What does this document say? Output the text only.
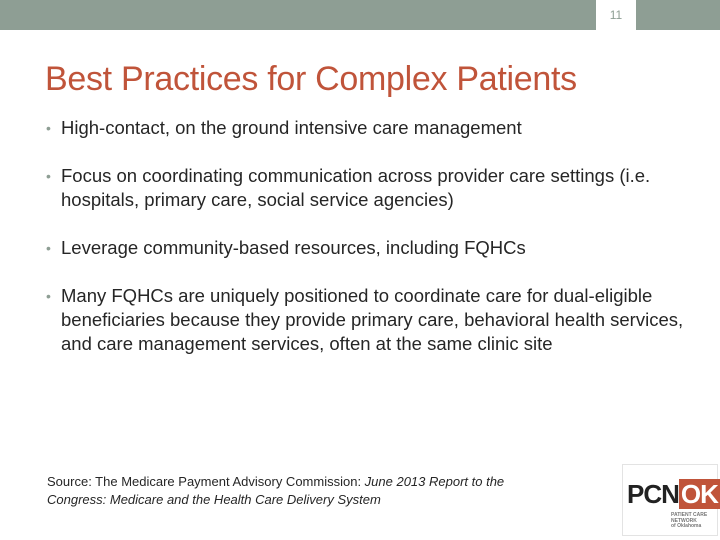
11
Best Practices for Complex Patients
• High-contact, on the ground intensive care management
• Focus on coordinating communication across provider care settings (i.e. hospitals, primary care, social service agencies)
• Leverage community-based resources, including FQHCs
• Many FQHCs are uniquely positioned to coordinate care for dual-eligible beneficiaries because they provide primary care, behavioral health services, and care management services, often at the same clinic site
Source: The Medicare Payment Advisory Commission: June 2013 Report to the Congress: Medicare and the Health Care Delivery System	PCN OK
PATIENT CARE
NETWORK
of Oklahoma
